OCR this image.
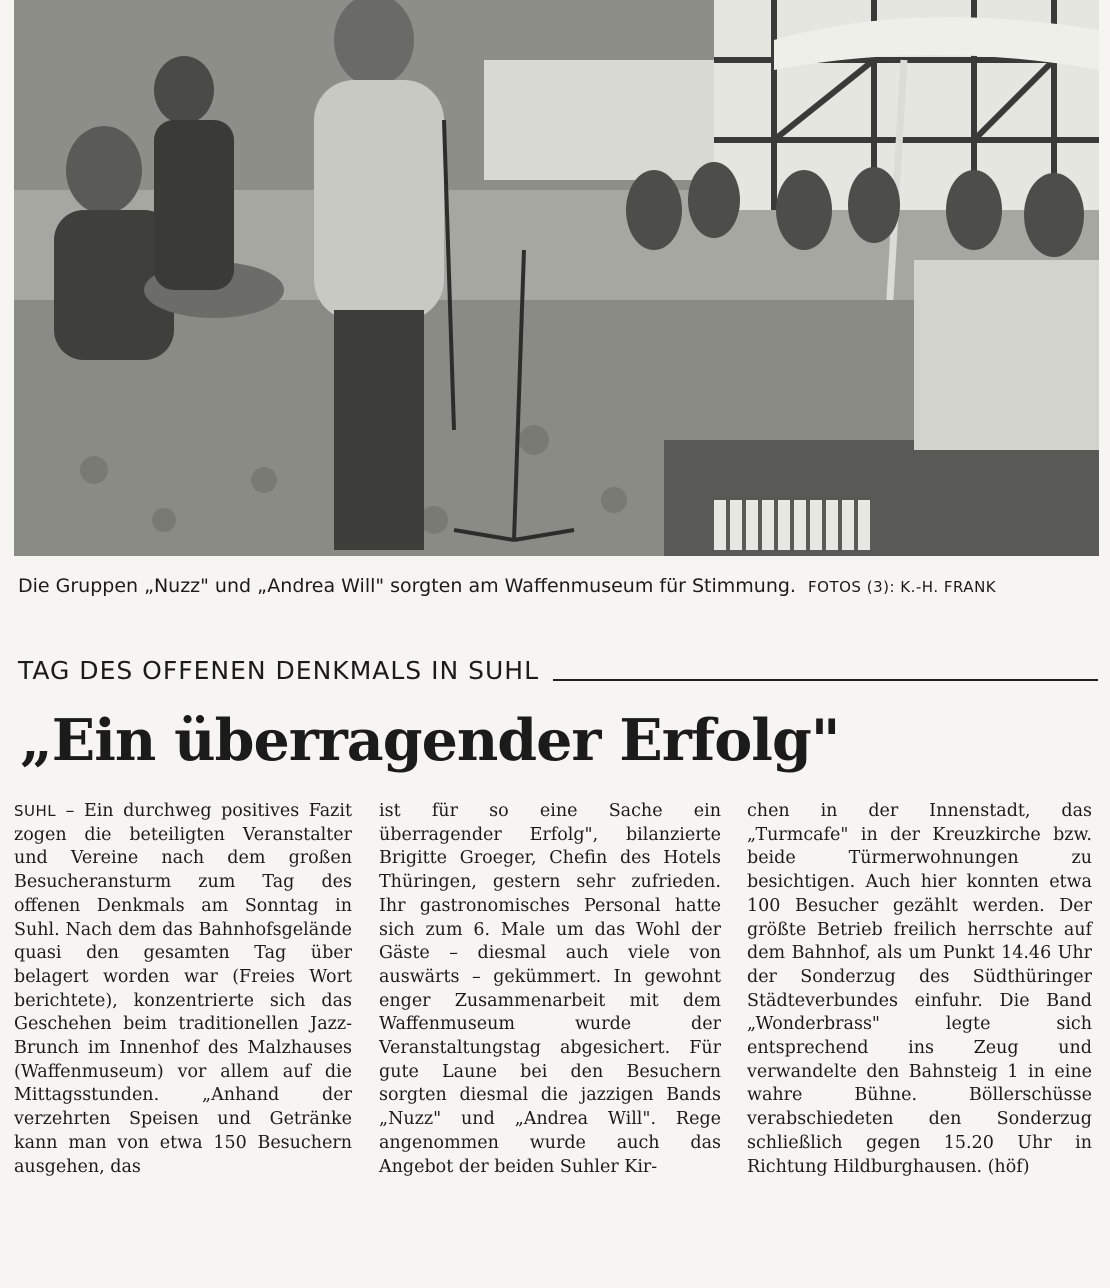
Die Gruppen „Nuzz" und „Andrea Will" sorgten am Waffenmuseum für Stimmung. FOTOS (3): K.-H. FRANK
TAG DES OFFENEN DENKMALS IN SUHL
„Ein überragender Erfolg"

SUHL – Ein durchweg positives Fazit zogen die beteiligten Veranstalter und Vereine nach dem großen Besucheransturm zum Tag des offenen Denkmals am Sonntag in Suhl. Nach dem das Bahnhofsgelände quasi den gesamten Tag über belagert worden war (Freies Wort berichtete), konzentrierte sich das Geschehen beim traditionellen Jazz-Brunch im Innenhof des Malzhauses (Waffenmuseum) vor allem auf die Mittagsstunden. „Anhand der verzehrten Speisen und Getränke kann man von etwa 150 Besuchern ausgehen, das

ist für so eine Sache ein überragender Erfolg", bilanzierte Brigitte Groeger, Chefin des Hotels Thüringen, gestern sehr zufrieden. Ihr gastronomisches Personal hatte sich zum 6. Male um das Wohl der Gäste – diesmal auch viele von auswärts – gekümmert. In gewohnt enger Zusammenarbeit mit dem Waffenmuseum wurde der Veranstaltungstag abgesichert. Für gute Laune bei den Besuchern sorgten diesmal die jazzigen Bands „Nuzz" und „Andrea Will". Rege angenommen wurde auch das Angebot der beiden Suhler Kir-

chen in der Innenstadt, das „Turmcafe" in der Kreuzkirche bzw. beide Türmerwohnungen zu besichtigen. Auch hier konnten etwa 100 Besucher gezählt werden. Der größte Betrieb freilich herrschte auf dem Bahnhof, als um Punkt 14.46 Uhr der Sonderzug des Südthüringer Städteverbundes einfuhr. Die Band „Wonderbrass" legte sich entsprechend ins Zeug und verwandelte den Bahnsteig 1 in eine wahre Bühne. Böllerschüsse verabschiedeten den Sonderzug schließlich gegen 15.20 Uhr in Richtung Hildburghausen. (höf)
